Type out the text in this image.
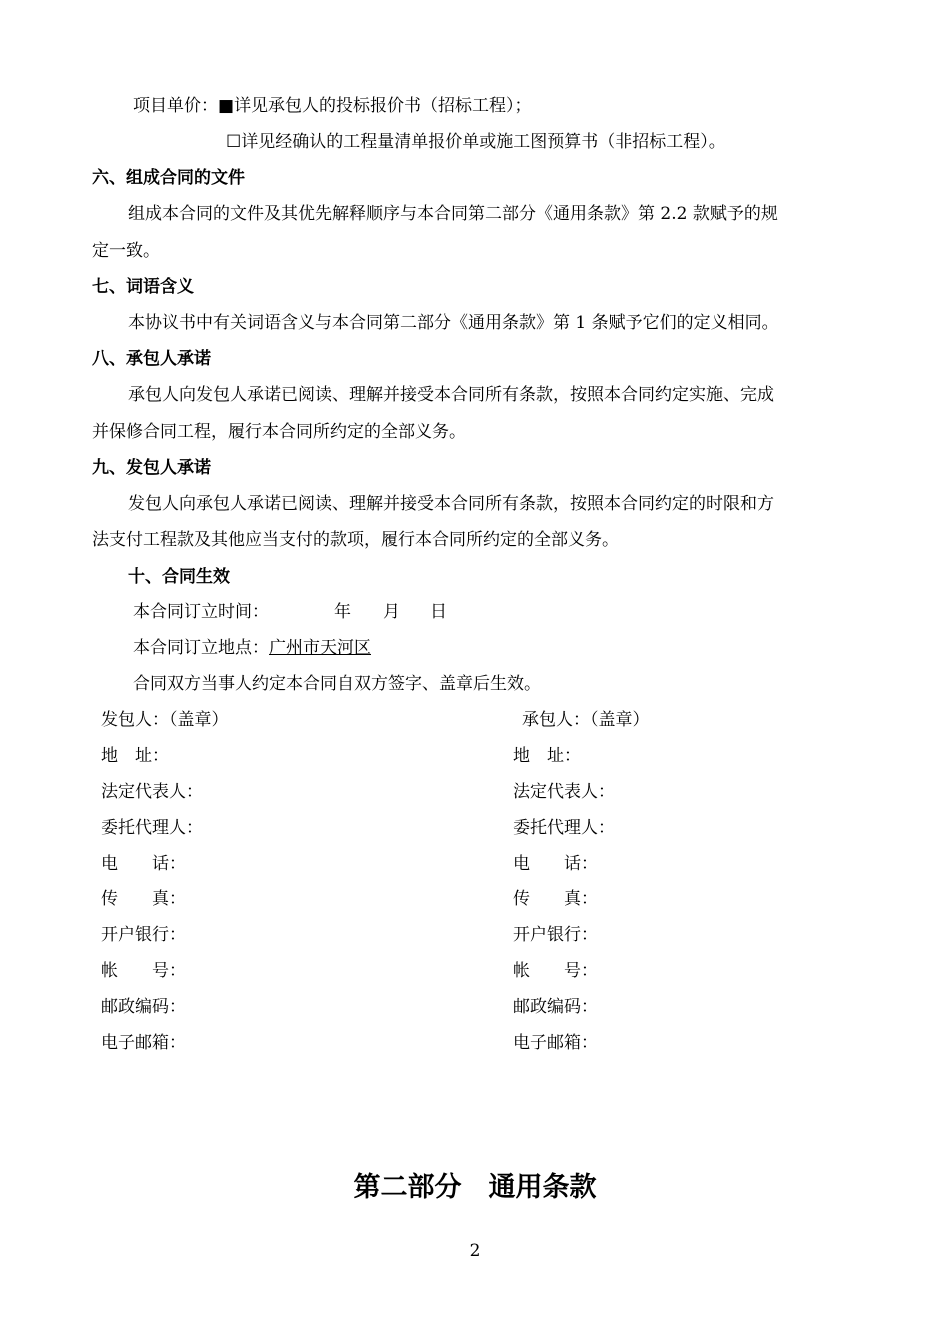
项目单价：■详见承包人的投标报价书（招标工程）；
☐详见经确认的工程量清单报价单或施工图预算书（非招标工程）。
六、组成合同的文件
组成本合同的文件及其优先解释顺序与本合同第二部分《通用条款》第 2.2 款赋予的规
定一致。
七、词语含义
本协议书中有关词语含义与本合同第二部分《通用条款》第 1 条赋予它们的定义相同。
八、承包人承诺
承包人向发包人承诺已阅读、理解并接受本合同所有条款，按照本合同约定实施、完成
并保修合同工程，履行本合同所约定的全部义务。
九、发包人承诺
发包人向承包人承诺已阅读、理解并接受本合同所有条款，按照本合同约定的时限和方
法支付工程款及其他应当支付的款项，履行本合同所约定的全部义务。
十、合同生效
本合同订立时间：	年 月 日
本合同订立地点：广州市天河区
合同双方当事人约定本合同自双方签字、盖章后生效。
发包人：（盖章）	承包人：（盖章）
地　址：	地　址：
法定代表人：	法定代表人：
委托代理人：	委托代理人：
电　　话：	电　　话：
传　　真：	传　　真：
开户银行：	开户银行：
帐　　号：	帐　　号：
邮政编码：	邮政编码：
电子邮箱：	电子邮箱：
第二部分　通用条款
2
